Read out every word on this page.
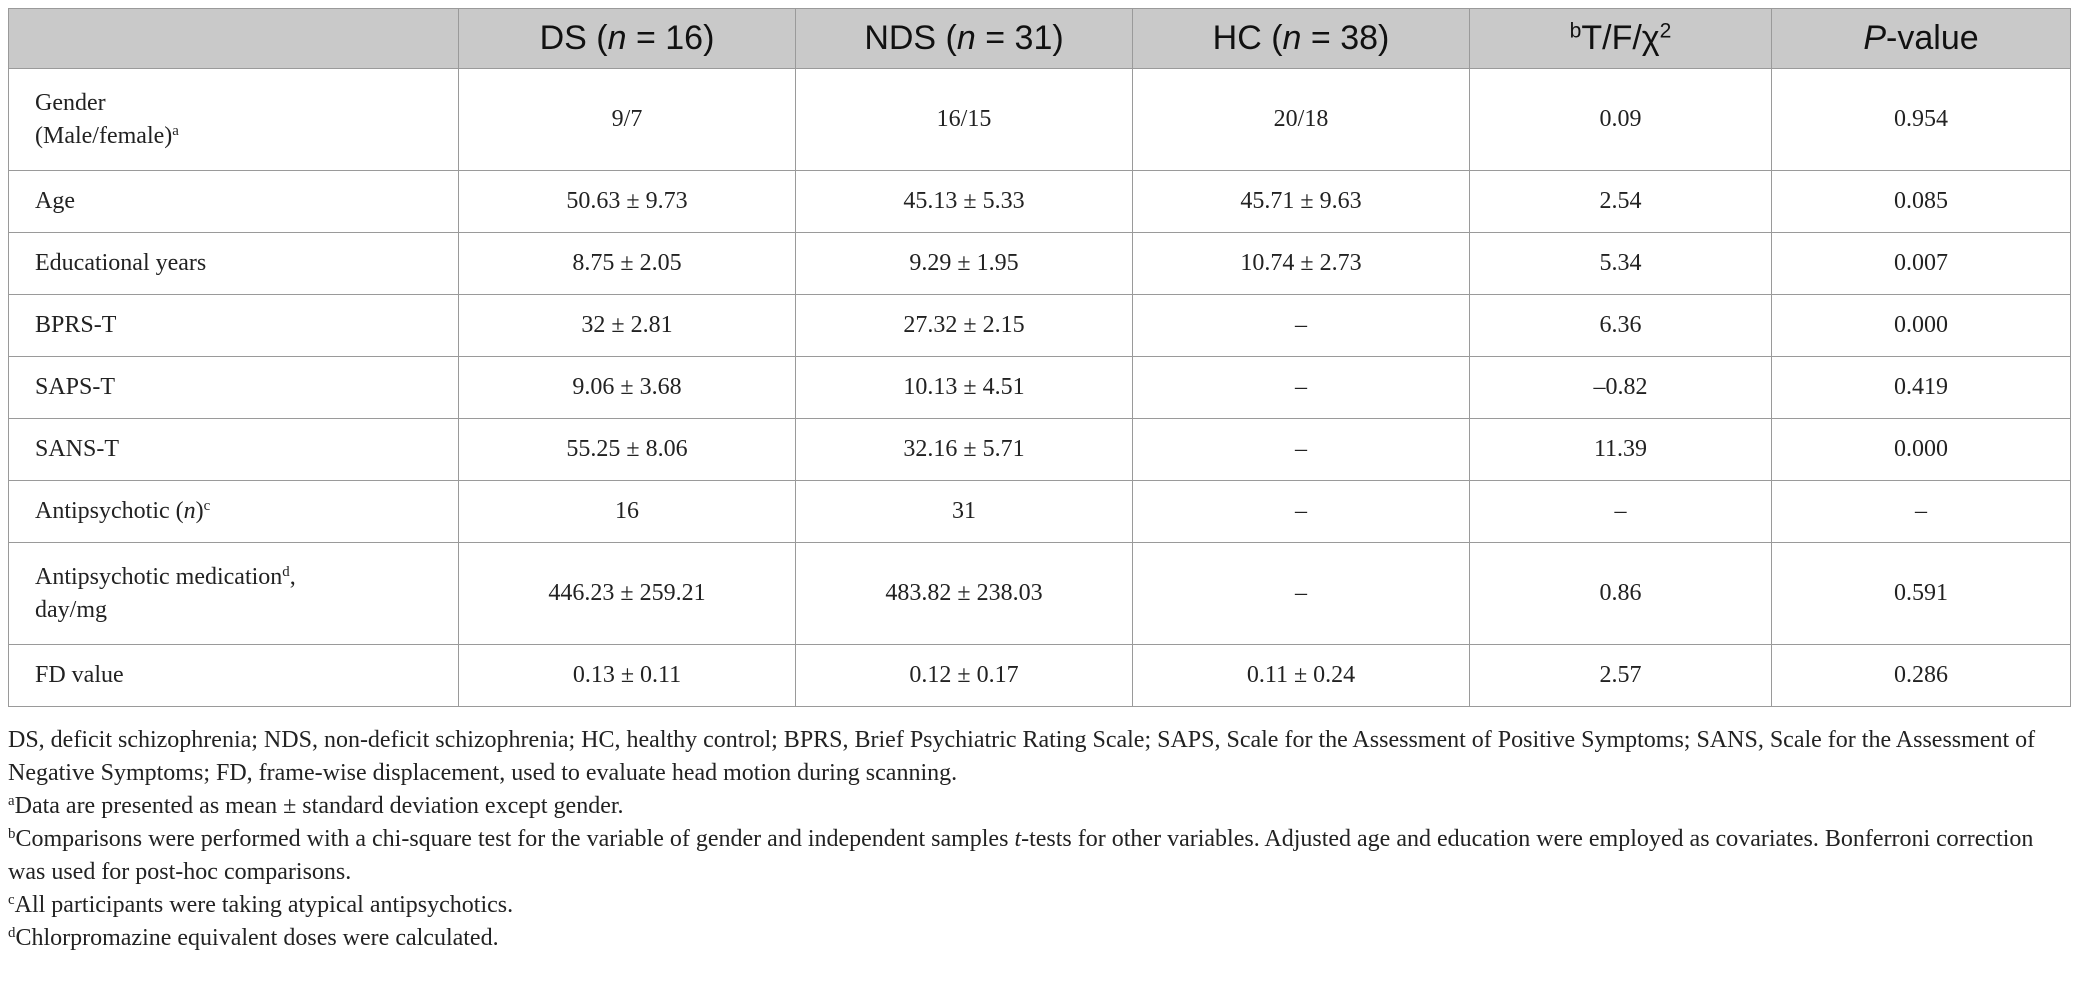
	DS (n = 16)	NDS (n = 31)	HC (n = 38)	$^bT/F/\chi^2$	P-value

Gender
(Male/female)$^a$	9/7	16/15	20/18	0.09	0.954
Age	50.63 ± 9.73	45.13 ± 5.33	45.71 ± 9.63	2.54	0.085
Educational years	8.75 ± 2.05	9.29 ± 1.95	10.74 ± 2.73	5.34	0.007
BPRS-T	32 ± 2.81	27.32 ± 2.15	–	6.36	0.000
SAPS-T	9.06 ± 3.68	10.13 ± 4.51	–	–0.82	0.419
SANS-T	55.25 ± 8.06	32.16 ± 5.71	–	11.39	0.000
Antipsychotic $(n)^c$	16	31	–	–	–

Antipsychotic medication$^d$,
day/mg	446.23 ± 259.21	483.82 ± 238.03	–	0.86	0.591
FD value	0.13 ± 0.11	0.12 ± 0.17	0.11 ± 0.24	2.57	0.286

DS, deficit schizophrenia; NDS, non-deficit schizophrenia; HC, healthy control; BPRS, Brief Psychiatric Rating Scale; SAPS, Scale for the Assessment of Positive Symptoms; SANS, Scale for the Assessment of Negative Symptoms; FD, frame-wise displacement, used to evaluate head motion during scanning.

$^a$Data are presented as mean ± standard deviation except gender.

$^b$Comparisons were performed with a chi-square test for the variable of gender and independent samples t-tests for other variables. Adjusted age and education were employed as covariates. Bonferroni correction was used for post-hoc comparisons.

$^c$All participants were taking atypical antipsychotics.

$^d$Chlorpromazine equivalent doses were calculated.
